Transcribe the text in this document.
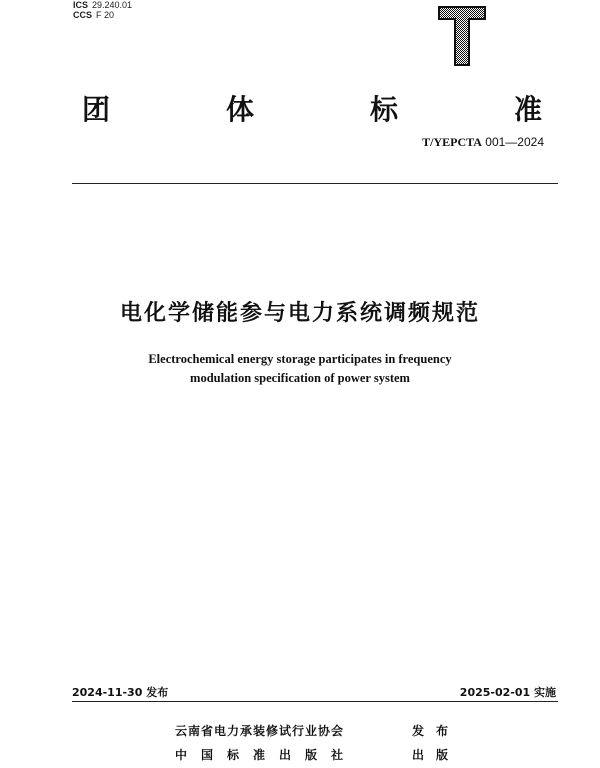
ICS 29.240.01
CCS F 20
团	体	标	准
T/YEPCTA 001—2024
电化学储能参与电力系统调频规范
Electrochemical energy storage participates in frequency
modulation specification of power system
2024-11-30 发布	2025-02-01 实施
云南省电力承装修试行业协会	发布
中国标准出版社	出版
